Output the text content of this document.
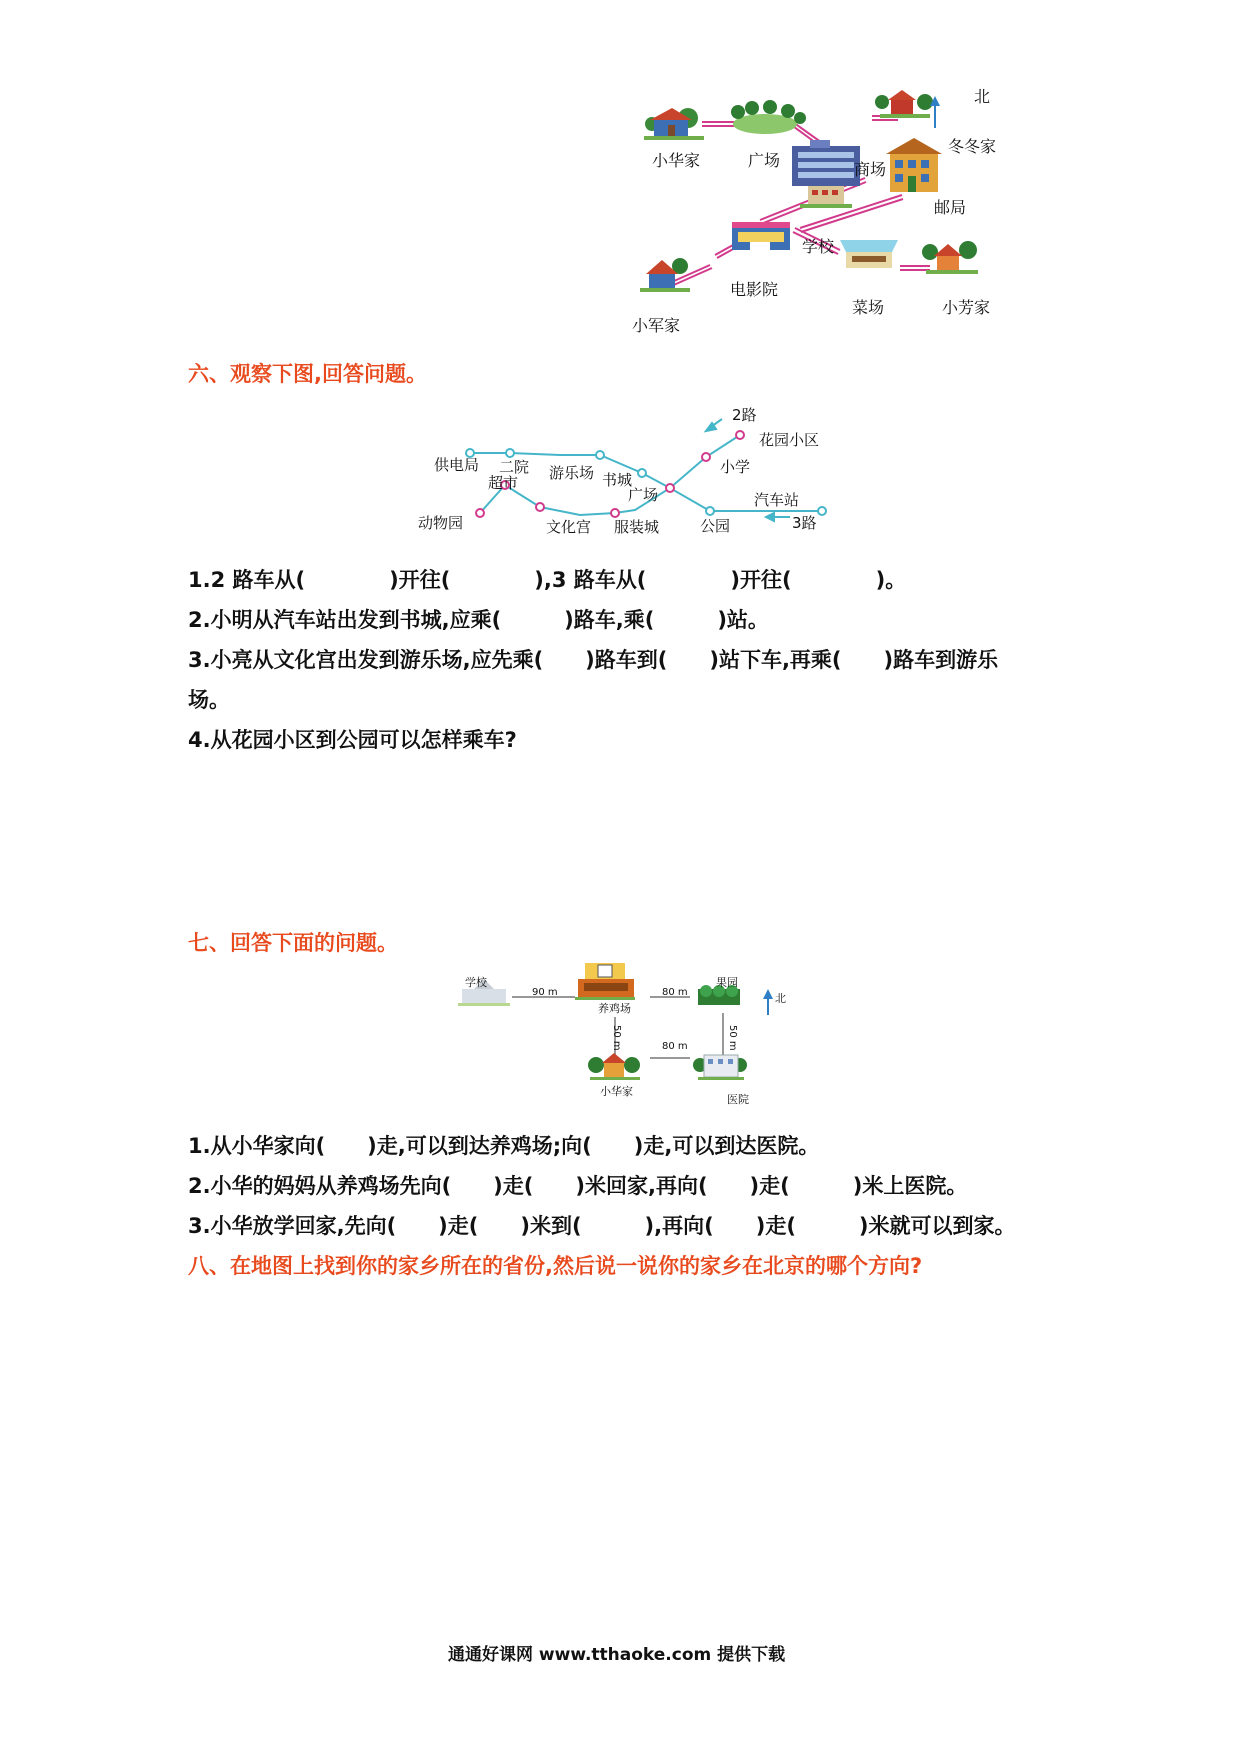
北
小华家	广场	商场
冬冬家
邮局
学校
电影院
菜场	小芳家
小军家
六、观察下图,回答问题。
2路
3路
花园小区
小学
供电局 二院
超市
游乐场 书城
广场	汽车站
动物园	文化宫 服装城	公园
1.2 路车从(　　　　)开往(　　　　),3 路车从(　　　　)开往(　　　　)。
2.小明从汽车站出发到书城,应乘(　　　)路车,乘(　　　)站。
3.小亮从文化宫出发到游乐场,应先乘(　　)路车到(　　)站下车,再乘(　　)路车到游乐
场。
4.从花园小区到公园可以怎样乘车?
七、回答下面的问题。
学校
90 m
养鸡场
80 m
果园
北
50 m	50 m
80 m
小华家
医院
1.从小华家向(　　)走,可以到达养鸡场;向(　　)走,可以到达医院。
2.小华的妈妈从养鸡场先向(　　)走(　　)米回家,再向(　　)走(　　　)米上医院。
3.小华放学回家,先向(　　)走(　　)米到(　　　),再向(　　)走(　　　)米就可以到家。
八、在地图上找到你的家乡所在的省份,然后说一说你的家乡在北京的哪个方向?
通通好课网 www.tthaoke.com 提供下载
